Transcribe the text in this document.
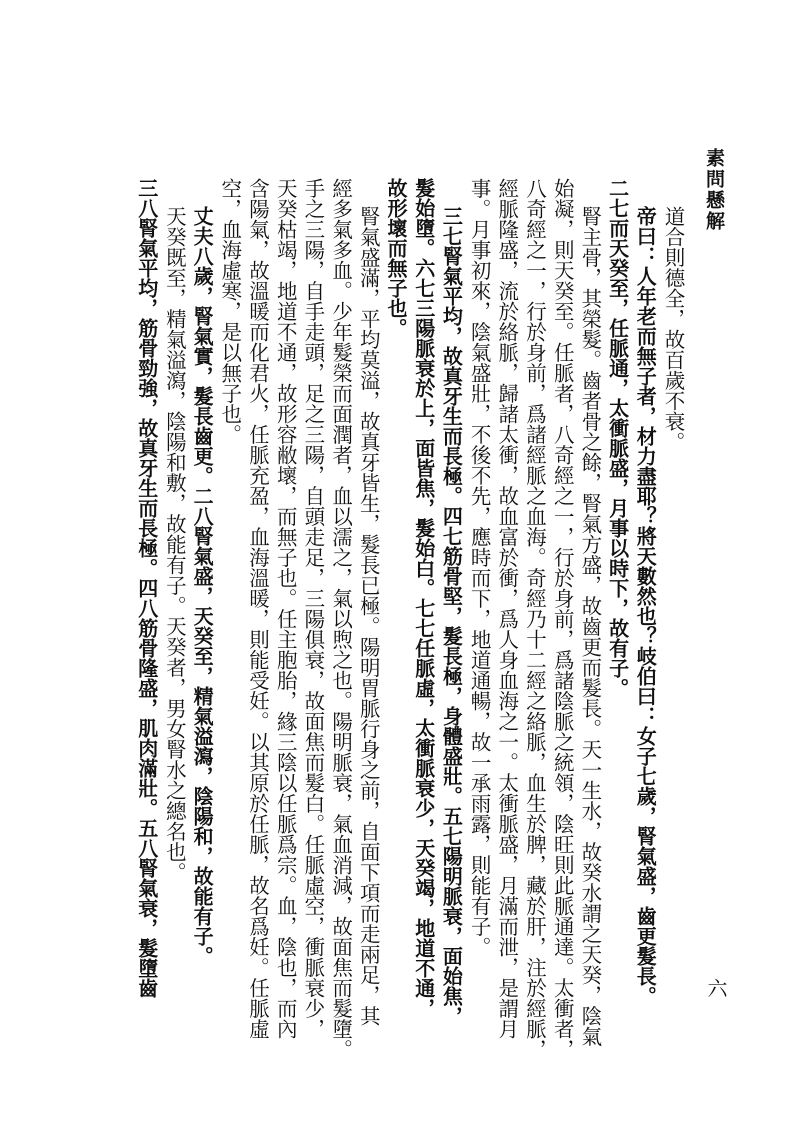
素問懸解
六
道合則德全，故百歲不衰。
帝曰：人年老而無子者，材力盡耶？將天數然也？岐伯曰：女子七歲，腎氣盛，齒更髮長。
二七而天癸至，任脈通，太衝脈盛，月事以時下，故有子。
腎主骨，其榮髮。齒者骨之餘，腎氣方盛，故齒更而髮長。天一生水，故癸水謂之天癸，陰氣
始凝，則天癸至。任脈者，八奇經之一，行於身前，爲諸陰脈之統領，陰旺則此脈通達。太衝者，
八奇經之一，行於身前，爲諸經脈之血海。奇經乃十二經之絡脈，血生於脾，藏於肝，注於經脈，
經脈隆盛，流於絡脈，歸諸太衝，故血富於衝，爲人身血海之一。太衝脈盛，月滿而泄，是謂月
事。月事初來，陰氣盛壯，不後不先，應時而下，地道通暢，故一承雨露，則能有子。
三七腎氣平均，故真牙生而長極。四七筋骨堅，髮長極，身體盛壯。五七陽明脈衰，面始焦，
髮始墮。六七三陽脈衰於上，面皆焦，髮始白。七七任脈虛，太衝脈衰少，天癸竭，地道不通，
故形壞而無子也。
腎氣盛滿，平均莫溢，故真牙皆生，髮長已極。陽明胃脈行身之前，自面下項而走兩足，其
經多氣多血。少年髮榮而面潤者，血以濡之，氣以煦之也。陽明脈衰，氣血消減，故面焦而髮墮。
手之三陽，自手走頭，足之三陽，自頭走足，三陽俱衰，故面焦而髮白。任脈虛空，衝脈衰少，
天癸枯竭，地道不通，故形容敝壞，而無子也。任主胞胎，緣三陰以任脈爲宗。血，陰也，而內
含陽氣，故溫暖而化君火，任脈充盈，血海溫暖，則能受妊。以其原於任脈，故名爲妊。任脈虛
空，血海虛寒，是以無子也。
丈夫八歲，腎氣實，髮長齒更。二八腎氣盛，天癸至，精氣溢瀉，陰陽和，故能有子。
天癸既至，精氣溢瀉，陰陽和敷，故能有子。天癸者，男女腎水之總名也。
三八腎氣平均，筋骨勁強，故真牙生而長極。四八筋骨隆盛，肌肉滿壯。五八腎氣衰，髮墮齒
